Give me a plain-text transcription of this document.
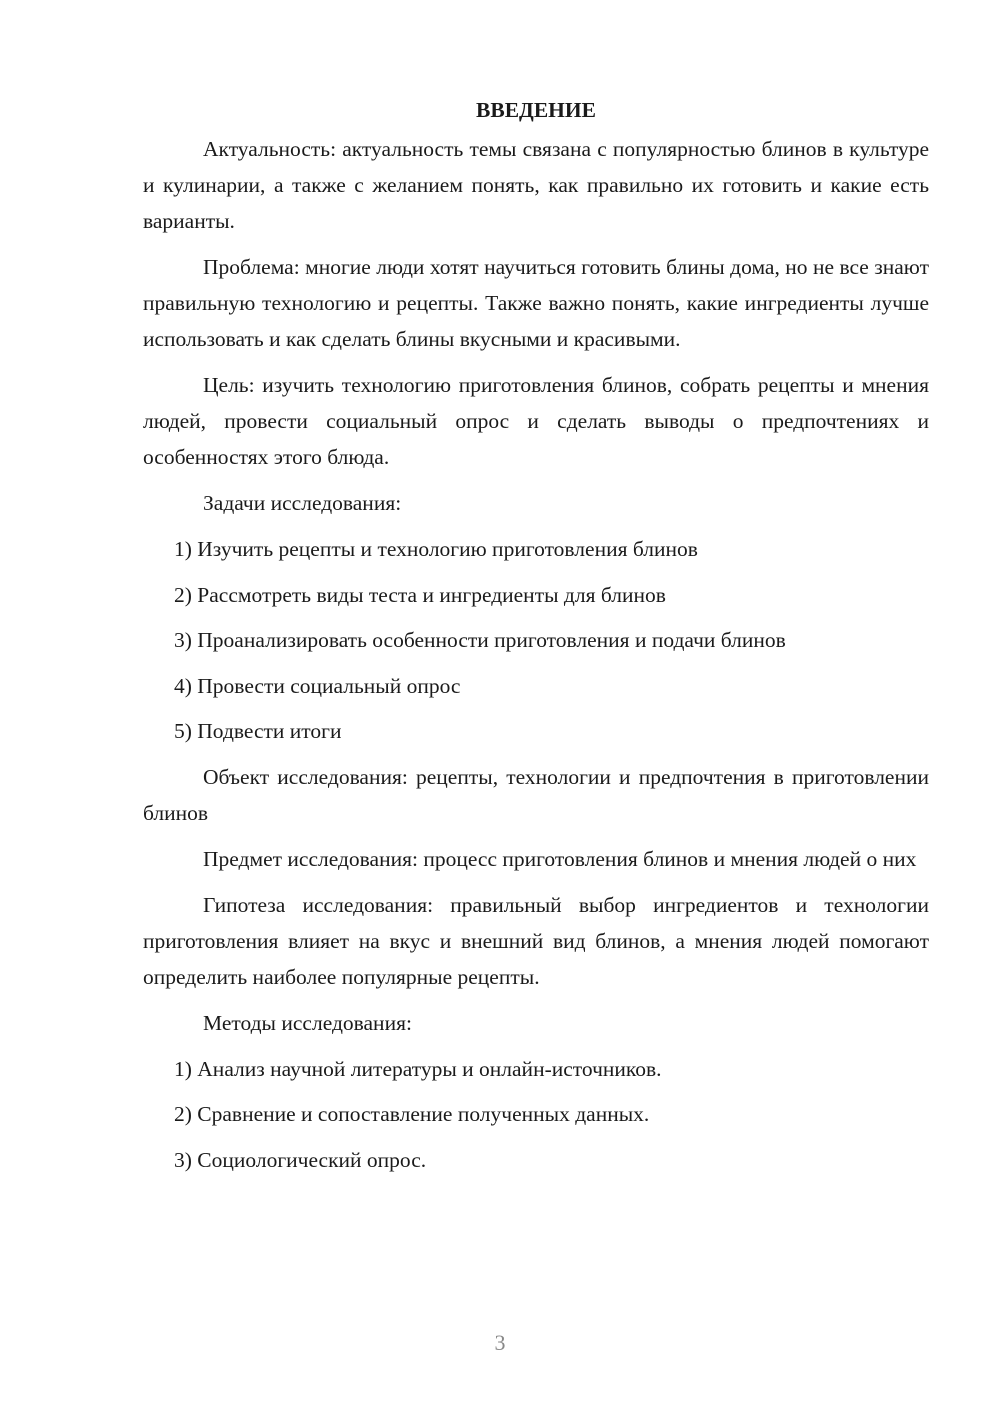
ВВЕДЕНИЕ

Актуальность: актуальность темы связана с популярностью блинов в культуре и кулинарии, а также с желанием понять, как правильно их готовить и какие есть варианты.

Проблема: многие люди хотят научиться готовить блины дома, но не все знают правильную технологию и рецепты. Также важно понять, какие ингредиенты лучше использовать и как сделать блины вкусными и красивыми.

Цель: изучить технологию приготовления блинов, собрать рецепты и мнения людей, провести социальный опрос и сделать выводы о предпочтениях и особенностях этого блюда.

Задачи исследования:

1) Изучить рецепты и технологию приготовления блинов
2) Рассмотреть виды теста и ингредиенты для блинов
3) Проанализировать особенности приготовления и подачи блинов
4) Провести социальный опрос
5) Подвести итоги

Объект исследования: рецепты, технологии и предпочтения в приготовлении блинов

Предмет исследования: процесс приготовления блинов и мнения людей о них

Гипотеза исследования: правильный выбор ингредиентов и технологии приготовления влияет на вкус и внешний вид блинов, а мнения людей помогают определить наиболее популярные рецепты.

Методы исследования:

1) Анализ научной литературы и онлайн-источников.
2) Сравнение и сопоставление полученных данных.
3) Социологический опрос.
3
